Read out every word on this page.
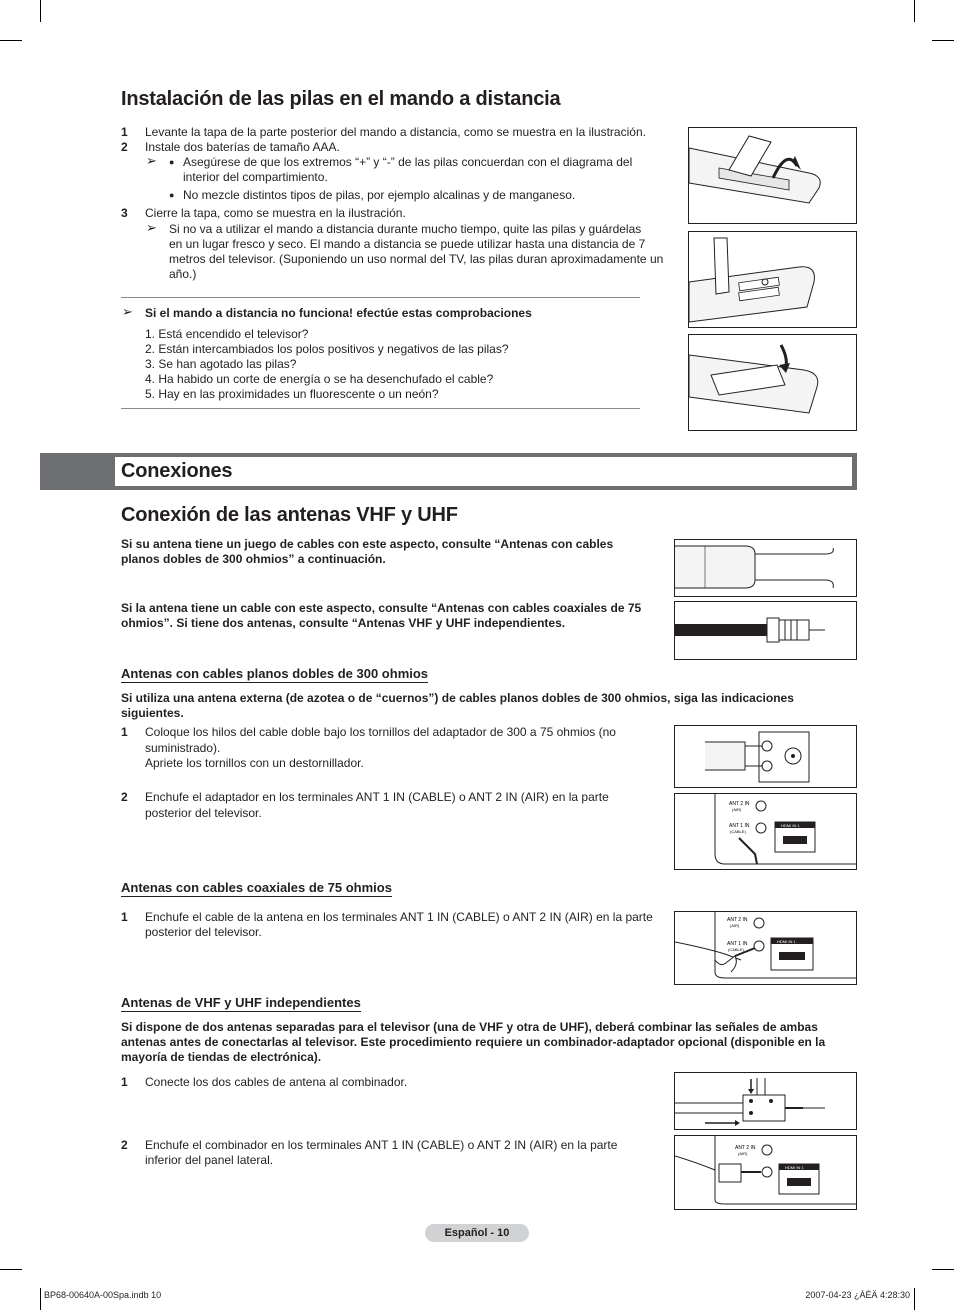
Instalación de las pilas en el mando a distancia
1 Levante la tapa de la parte posterior del mando a distancia, como se muestra en la ilustración.
2 Instale dos baterías de tamaño AAA.
➢ ● Asegúrese de que los extremos “+” y “-” de las pilas concuerdan con el diagrama del
interior del compartimiento.
● No mezcle distintos tipos de pilas, por ejemplo alcalinas y de manganeso.
3 Cierre la tapa, como se muestra en la ilustración.
➢ Si no va a utilizar el mando a distancia durante mucho tiempo, quite las pilas y guárdelas
en un lugar fresco y seco. El mando a distancia se puede utilizar hasta una distancia de 7
metros del televisor. (Suponiendo un uso normal del TV, las pilas duran aproximadamente un
año.)
➢ Si el mando a distancia no funciona! efectúe estas comprobaciones
1. Está encendido el televisor?
2. Están intercambiados los polos positivos y negativos de las pilas?
3. Se han agotado las pilas?
4. Ha habido un corte de energía o se ha desenchufado el cable?
5. Hay en las proximidades un fluorescente o un neón?
Conexiones
Conexión de las antenas VHF y UHF
Si su antena tiene un juego de cables con este aspecto, consulte “Antenas con cables
planos dobles de 300 ohmios” a continuación.
Si la antena tiene un cable con este aspecto, consulte “Antenas con cables coaxiales de 75
ohmios”. Si tiene dos antenas, consulte “Antenas VHF y UHF independientes.
Antenas con cables planos dobles de 300 ohmios
Si utiliza una antena externa (de azotea o de “cuernos”) de cables planos dobles de 300 ohmios, siga las indicaciones
siguientes.
1 Coloque los hilos del cable doble bajo los tornillos del adaptador de 300 a 75 ohmios (no
suministrado).
Apriete los tornillos con un destornillador.
2 Enchufe el adaptador en los terminales ANT 1 IN (CABLE) o ANT 2 IN (AIR) en la parte
posterior del televisor.
ANT 2 IN
(AIR)
ANT 1 IN
(CABLE)
HDMI IN 1
Antenas con cables coaxiales de 75 ohmios
1 Enchufe el cable de la antena en los terminales ANT 1 IN (CABLE) o ANT 2 IN (AIR) en la parte
posterior del televisor.
ANT 2 IN
(AIR)
ANT 1 IN
(CABLE)
HDMI IN 1
Antenas de VHF y UHF independientes
Si dispone de dos antenas separadas para el televisor (una de VHF y otra de UHF), deberá combinar las señales de ambas
antenas antes de conectarlas al televisor. Este procedimiento requiere un combinador-adaptador opcional (disponible en la
mayoría de tiendas de electrónica).
1 Conecte los dos cables de antena al combinador.
2 Enchufe el combinador en los terminales ANT 1 IN (CABLE) o ANT 2 IN (AIR) en la parte
inferior del panel lateral.
ANT 2 IN
(AIR)
HDMI IN 1
Español - 10
BP68-00640A-00Spa.indb 10	2007-04-23 ¿ÀÈÄ 4:28:30
